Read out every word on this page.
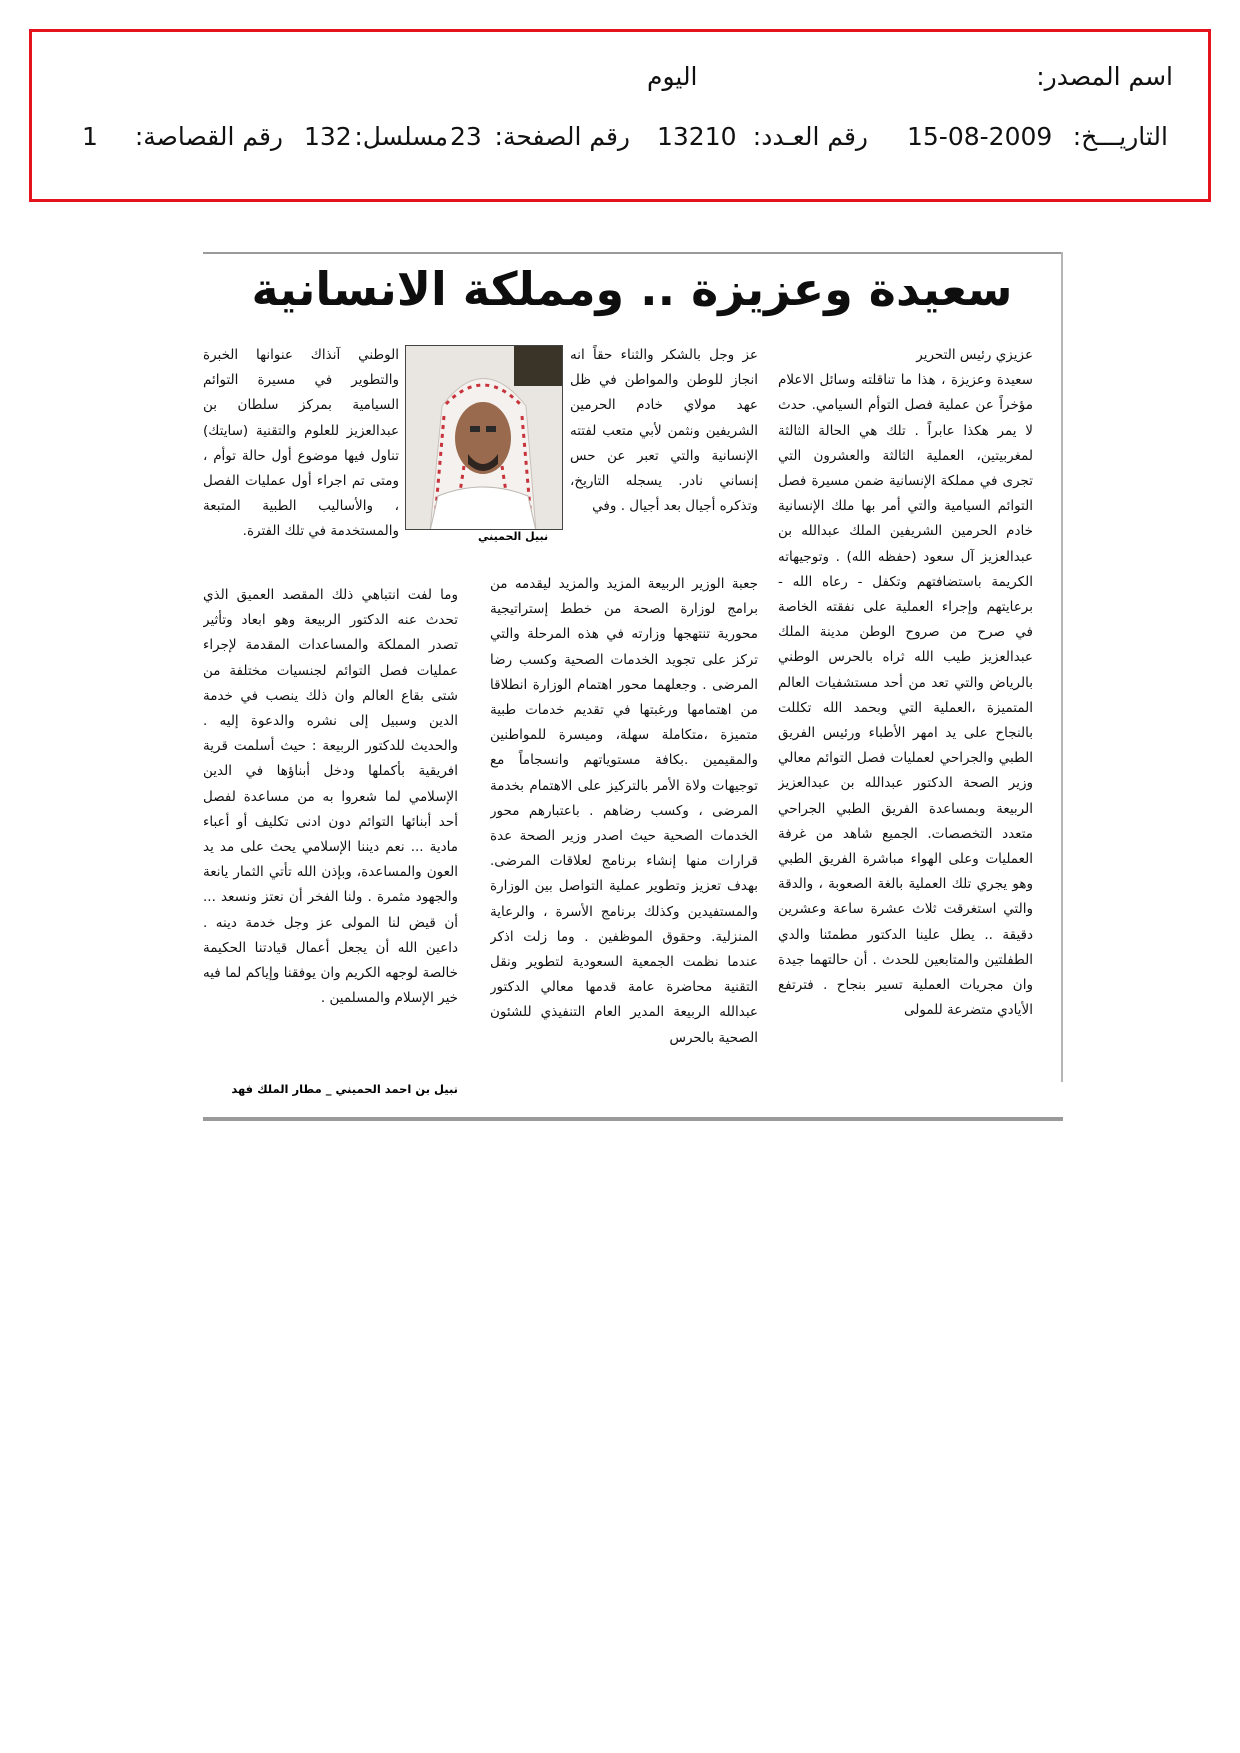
اسم المصدر:
اليوم
التاريـــخ:
15-08-2009
رقم العـدد:
13210
رقم الصفحة:
23
مسلسل:
132
رقم القصاصة:
1
سعيدة وعزيزة .. ومملكة الانسانية

عزيزي رئيس التحرير

سعيدة وعزيزة ، هذا ما تناقلته وسائل الاعلام مؤخراً عن عملية فصل التوأم السيامي. حدث لا يمر هكذا عابراً . تلك هي الحالة الثالثة لمغربيتين، العملية الثالثة والعشرون التي تجرى في مملكة الإنسانية ضمن مسيرة فصل التوائم السيامية والتي أمر بها ملك الإنسانية خادم الحرمين الشريفين الملك عبدالله بن عبدالعزيز آل سعود (حفظه الله) . وتوجيهاته الكريمة باستضافتهم وتكفل - رعاه الله - برعايتهم وإجراء العملية على نفقته الخاصة في صرح من صروح الوطن مدينة الملك عبدالعزيز طيب الله ثراه بالحرس الوطني بالرياض والتي تعد من أحد مستشفيات العالم المتميزة ،العملية التي وبحمد الله تكللت بالنجاح على يد امهر الأطباء ورئيس الفريق الطبي والجراحي لعمليات فصل التوائم معالي وزير الصحة الدكتور عبدالله بن عبدالعزيز الربيعة وبمساعدة الفريق الطبي الجراحي متعدد التخصصات. الجميع شاهد من غرفة العمليات وعلى الهواء مباشرة الفريق الطبي وهو يجري تلك العملية بالغة الصعوبة ، والدقة والتي استغرقت ثلاث عشرة ساعة وعشرين دقيقة .. يطل علينا الدكتور مطمئنا والدي الطفلتين والمتابعين للحدث . أن حالتهما جيدة وان مجريات العملية تسير بنجاح . فترتفع الأيادي متضرعة للمولى

عز وجل بالشكر والثناء حقاً انه انجاز للوطن والمواطن في ظل عهد مولاي خادم الحرمين الشريفين ونثمن لأبي متعب لفتته الإنسانية والتي تعبر عن حس إنساني نادر. يسجله التاريخ، وتذكره أجيال بعد أجيال . وفي

جعبة الوزير الربيعة المزيد والمزيد ليقدمه من برامج لوزارة الصحة من خطط إستراتيجية محورية تنتهجها وزارته في هذه المرحلة والتي تركز على تجويد الخدمات الصحية وكسب رضا المرضى . وجعلهما محور اهتمام الوزارة انطلاقا من اهتمامها ورغبتها في تقديم خدمات طبية متميزة ،متكاملة سهلة، وميسرة للمواطنين والمقيمين .بكافة مستوياتهم وانسجاماً مع توجيهات ولاة الأمر بالتركيز على الاهتمام بخدمة المرضى ، وكسب رضاهم . باعتبارهم محور الخدمات الصحية حيث اصدر وزير الصحة عدة قرارات منها إنشاء برنامج لعلاقات المرضى. بهدف تعزيز وتطوير عملية التواصل بين الوزارة والمستفيدين وكذلك برنامج الأسرة ، والرعاية المنزلية. وحقوق الموظفين . وما زلت اذكر عندما نظمت الجمعية السعودية لتطوير ونقل التقنية محاضرة عامة قدمها معالي الدكتور عبدالله الربيعة المدير العام التنفيذي للشئون الصحية بالحرس

نبيل الحميني

الوطني آنذاك عنوانها الخبرة والتطوير في مسيرة التوائم السيامية بمركز سلطان بن عبدالعزيز للعلوم والتقنية (سايتك) تناول فيها موضوع أول حالة توأم ، ومتى تم اجراء أول عمليات الفصل ، والأساليب الطبية المتبعة والمستخدمة في تلك الفترة.

وما لفت انتباهي ذلك المقصد العميق الذي تحدث عنه الدكتور الربيعة وهو ابعاد وتأثير تصدر المملكة والمساعدات المقدمة لإجراء عمليات فصل التوائم لجنسيات مختلفة من شتى بقاع العالم وان ذلك ينصب في خدمة الدين وسبيل إلى نشره والدعوة إليه . والحديث للدكتور الربيعة : حيث أسلمت قرية افريقية بأكملها ودخل أبناؤها في الدين الإسلامي لما شعروا به من مساعدة لفصل أحد أبنائها التوائم دون ادنى تكليف أو أعباء مادية ... نعم ديننا الإسلامي يحث على مد يد العون والمساعدة، وبإذن الله تأتي الثمار يانعة والجهود مثمرة . ولنا الفخر أن نعتز ونسعد ... أن قيض لنا المولى عز وجل خدمة دينه . داعين الله أن يجعل أعمال قيادتنا الحكيمة خالصة لوجهه الكريم وان يوفقنا وإياكم لما فيه خير الإسلام والمسلمين .

نبيل بن احمد الحميني _ مطار الملك فهد
